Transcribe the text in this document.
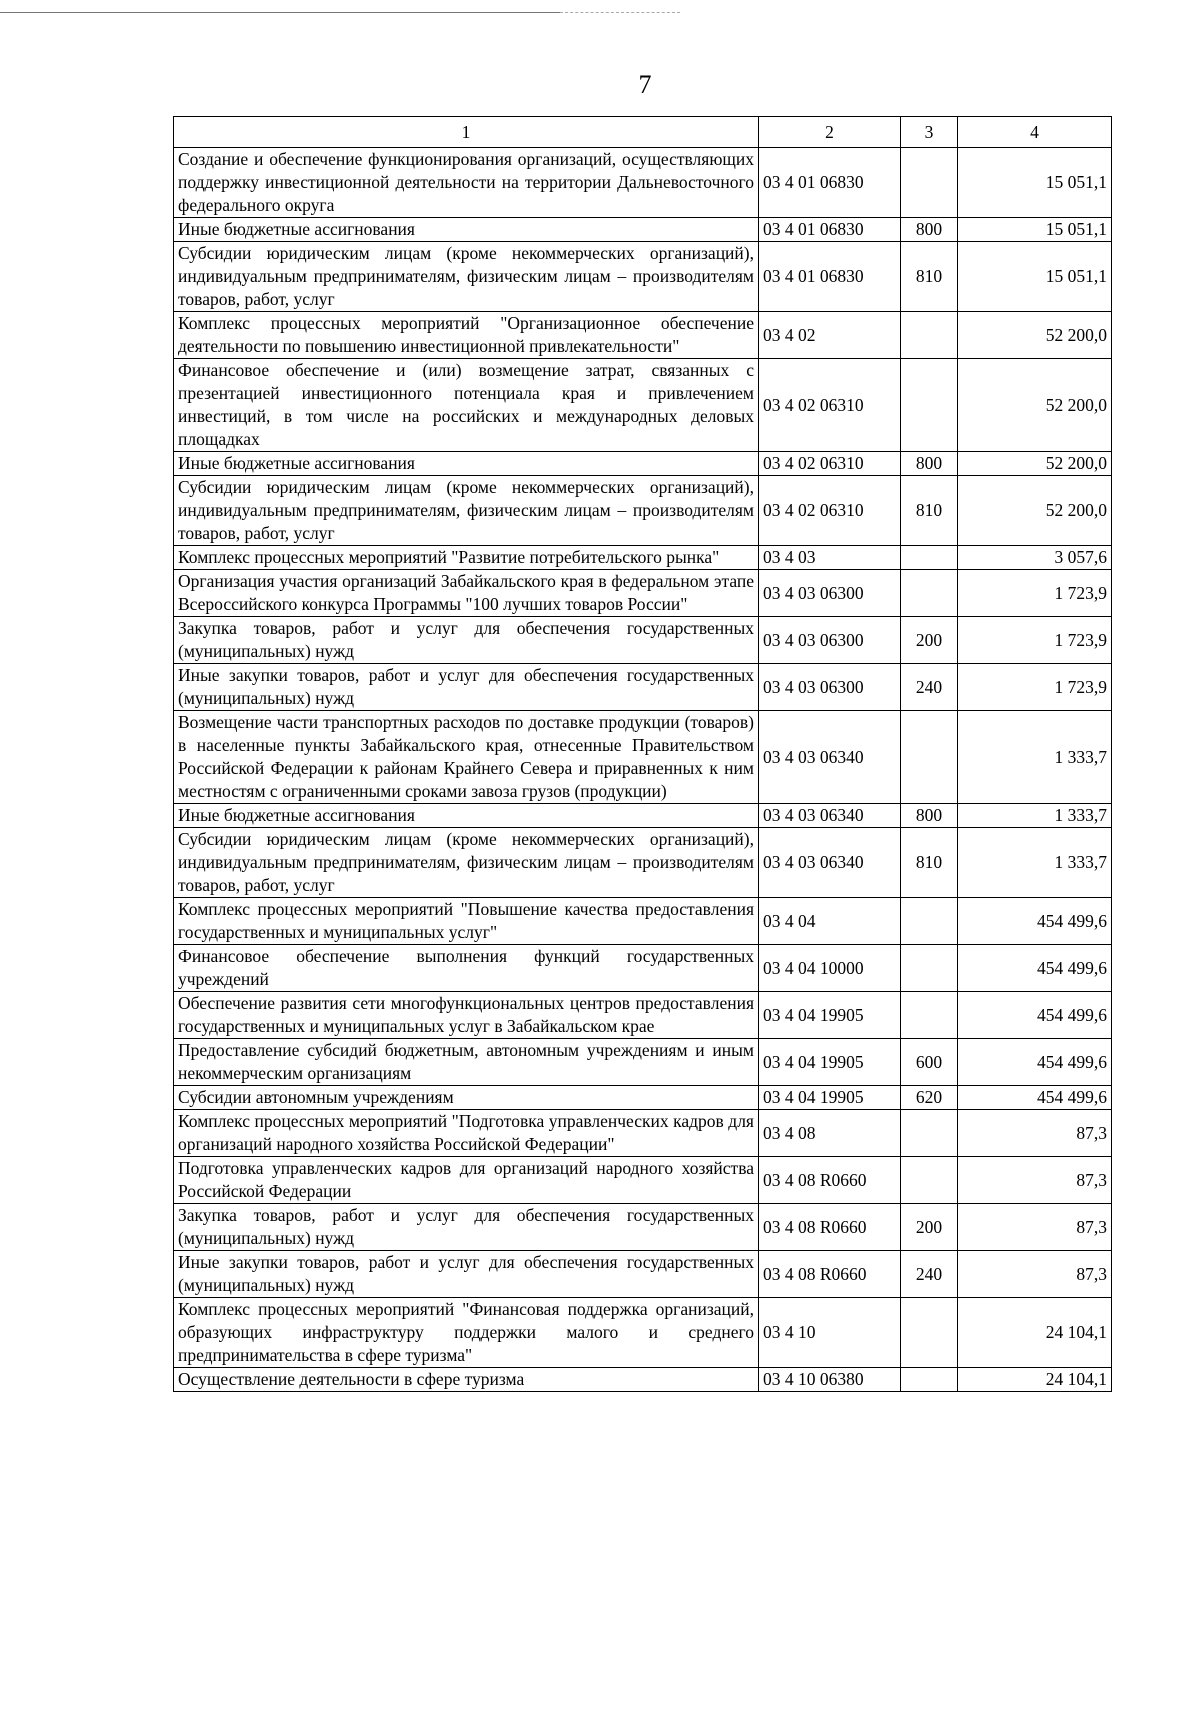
7
1	2	3	4
Создание и обеспечение функционирования организаций, осуществляющих поддержку инвестиционной деятельности на территории Дальневосточного федерального округа	03 4 01 06830		15 051,1
Иные бюджетные ассигнования	03 4 01 06830	800	15 051,1
Субсидии юридическим лицам (кроме некоммерческих организаций), индивидуальным предпринимателям, физическим лицам – производителям товаров, работ, услуг	03 4 01 06830	810	15 051,1
Комплекс процессных мероприятий "Организационное обеспечение деятельности по повышению инвестиционной привлекательности"	03 4 02		52 200,0
Финансовое обеспечение и (или) возмещение затрат, связанных с презентацией инвестиционного потенциала края и привлечением инвестиций, в том числе на российских и международных деловых площадках	03 4 02 06310		52 200,0
Иные бюджетные ассигнования	03 4 02 06310	800	52 200,0
Субсидии юридическим лицам (кроме некоммерческих организаций), индивидуальным предпринимателям, физическим лицам – производителям товаров, работ, услуг	03 4 02 06310	810	52 200,0
Комплекс процессных мероприятий "Развитие потребительского рынка"	03 4 03		3 057,6
Организация участия организаций Забайкальского края в федеральном этапе Всероссийского конкурса Программы "100 лучших товаров России"	03 4 03 06300		1 723,9
Закупка товаров, работ и услуг для обеспечения государственных (муниципальных) нужд	03 4 03 06300	200	1 723,9
Иные закупки товаров, работ и услуг для обеспечения государственных (муниципальных) нужд	03 4 03 06300	240	1 723,9
Возмещение части транспортных расходов по доставке продукции (товаров) в населенные пункты Забайкальского края, отнесенные Правительством Российской Федерации к районам Крайнего Севера и приравненных к ним местностям с ограниченными сроками завоза грузов (продукции)	03 4 03 06340		1 333,7
Иные бюджетные ассигнования	03 4 03 06340	800	1 333,7
Субсидии юридическим лицам (кроме некоммерческих организаций), индивидуальным предпринимателям, физическим лицам – производителям товаров, работ, услуг	03 4 03 06340	810	1 333,7
Комплекс процессных мероприятий "Повышение качества предоставления государственных и муниципальных услуг"	03 4 04		454 499,6
Финансовое обеспечение выполнения функций государственных учреждений	03 4 04 10000		454 499,6
Обеспечение развития сети многофункциональных центров предоставления государственных и муниципальных услуг в Забайкальском крае	03 4 04 19905		454 499,6
Предоставление субсидий бюджетным, автономным учреждениям и иным некоммерческим организациям	03 4 04 19905	600	454 499,6
Субсидии автономным учреждениям	03 4 04 19905	620	454 499,6
Комплекс процессных мероприятий "Подготовка управленческих кадров для организаций народного хозяйства Российской Федерации"	03 4 08		87,3
Подготовка управленческих кадров для организаций народного хозяйства Российской Федерации	03 4 08 R0660		87,3
Закупка товаров, работ и услуг для обеспечения государственных (муниципальных) нужд	03 4 08 R0660	200	87,3
Иные закупки товаров, работ и услуг для обеспечения государственных (муниципальных) нужд	03 4 08 R0660	240	87,3
Комплекс процессных мероприятий "Финансовая поддержка организаций, образующих инфраструктуру поддержки малого и среднего предпринимательства в сфере туризма"	03 4 10		24 104,1
Осуществление деятельности в сфере туризма	03 4 10 06380		24 104,1
